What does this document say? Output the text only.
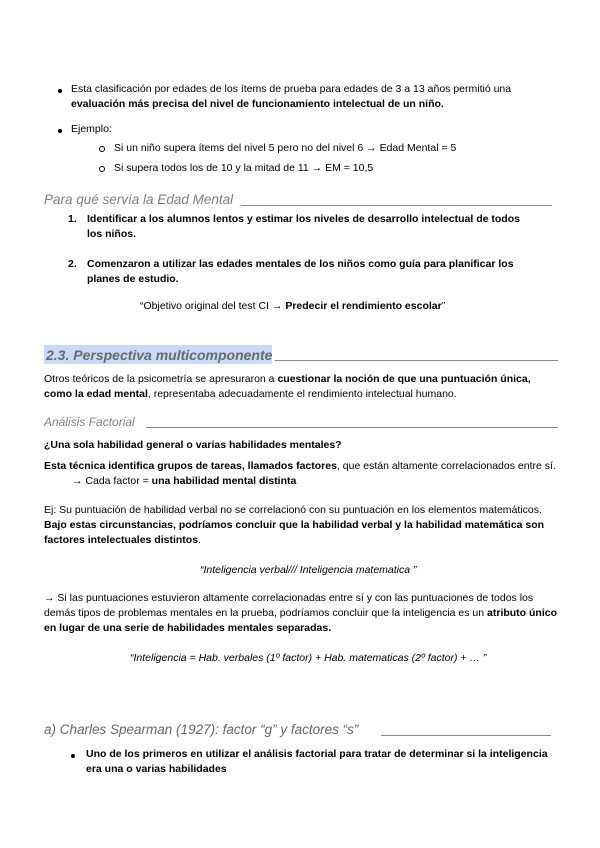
Esta clasificación por edades de los ítems de prueba para edades de 3 a 13 años permitió una
evaluación más precisa del nivel de funcionamiento intelectual de un niño.
Ejemplo:
Si un niño supera ítems del nivel 5 pero no del nivel 6 → Edad Mental = 5
Si supera todos los de 10 y la mitad de 11 → EM = 10,5
Para qué servía la Edad Mental
1. Identificar a los alumnos lentos y estimar los niveles de desarrollo intelectual de todos
los niños.
2. Comenzaron a utilizar las edades mentales de los niños como guía para planificar los
planes de estudio.
“Objetivo original del test CI → Predecir el rendimiento escolar”
2.3. Perspectiva multicomponente
Otros teóricos de la psicometría se apresuraron a cuestionar la noción de que una puntuación única,
como la edad mental, representaba adecuadamente el rendimiento intelectual humano.
Análisis Factorial
¿Una sola habilidad general o varias habilidades mentales?
Esta técnica identifica grupos de tareas, llamados factores, que están altamente correlacionados entre sí.
→ Cada factor = una habilidad mental distinta
Ej: Su puntuación de habilidad verbal no se correlacionó con su puntuación en los elementos matemáticos.
Bajo estas circunstancias, podríamos concluir que la habilidad verbal y la habilidad matemática son
factores intelectuales distintos.
“Inteligencia verbal/// Inteligencia matematica ”
→ Si las puntuaciones estuvieron altamente correlacionadas entre sí y con las puntuaciones de todos los
demás tipos de problemas mentales en la prueba, podríamos concluir que la inteligencia es un atributo único
en lugar de una serie de habilidades mentales separadas.
“Inteligencia = Hab. verbales (1º factor) + Hab. matematicas (2º factor) + … ”
a) Charles Spearman (1927): factor “g” y factores “s”
Uno de los primeros en utilizar el análisis factorial para tratar de determinar si la inteligencia
era una o varias habilidades
